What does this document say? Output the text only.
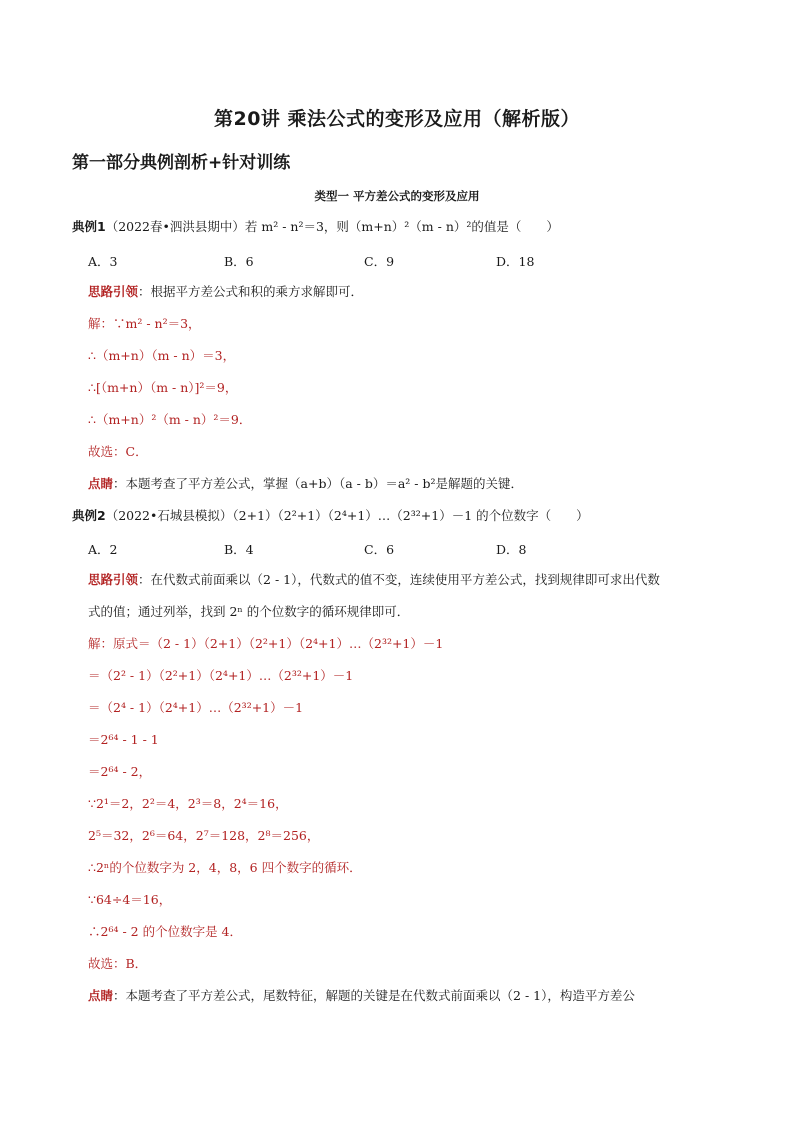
第20讲 乘法公式的变形及应用（解析版）
第一部分典例剖析+针对训练
类型一 平方差公式的变形及应用
典例1（2022春•泗洪县期中）若 m² - n²＝3，则（m+n）²（m - n）²的值是（　　）
A．3	B．6	C．9	D．18
思路引领：根据平方差公式和积的乘方求解即可．
解：∵m² - n²＝3，
∴（m+n）（m - n）＝3，
∴[（m+n）（m - n）]²＝9，
∴（m+n）²（m - n）²＝9．
故选：C．
点睛：本题考查了平方差公式，掌握（a+b）（a - b）＝a² - b²是解题的关键．
典例2（2022•石城县模拟）（2+1）（2²+1）（2⁴+1）…（2³²+1）－1 的个位数字（　　）
A．2	B．4	C．6	D．8
思路引领：在代数式前面乘以（2 - 1），代数式的值不变，连续使用平方差公式，找到规律即可求出代数
式的值；通过列举，找到 2ⁿ 的个位数字的循环规律即可．
解：原式＝（2 - 1）（2+1）（2²+1）（2⁴+1）…（2³²+1）－1
＝（2² - 1）（2²+1）（2⁴+1）…（2³²+1）－1
＝（2⁴ - 1）（2⁴+1）…（2³²+1）－1
＝2⁶⁴ - 1 - 1
＝2⁶⁴ - 2，
∵2¹＝2，2²＝4，2³＝8，2⁴＝16，
2⁵＝32，2⁶＝64，2⁷＝128，2⁸＝256，
∴2ⁿ的个位数字为 2，4，8，6 四个数字的循环．
∵64÷4＝16，
∴2⁶⁴ - 2 的个位数字是 4．
故选：B．
点睛：本题考查了平方差公式，尾数特征，解题的关键是在代数式前面乘以（2 - 1），构造平方差公
